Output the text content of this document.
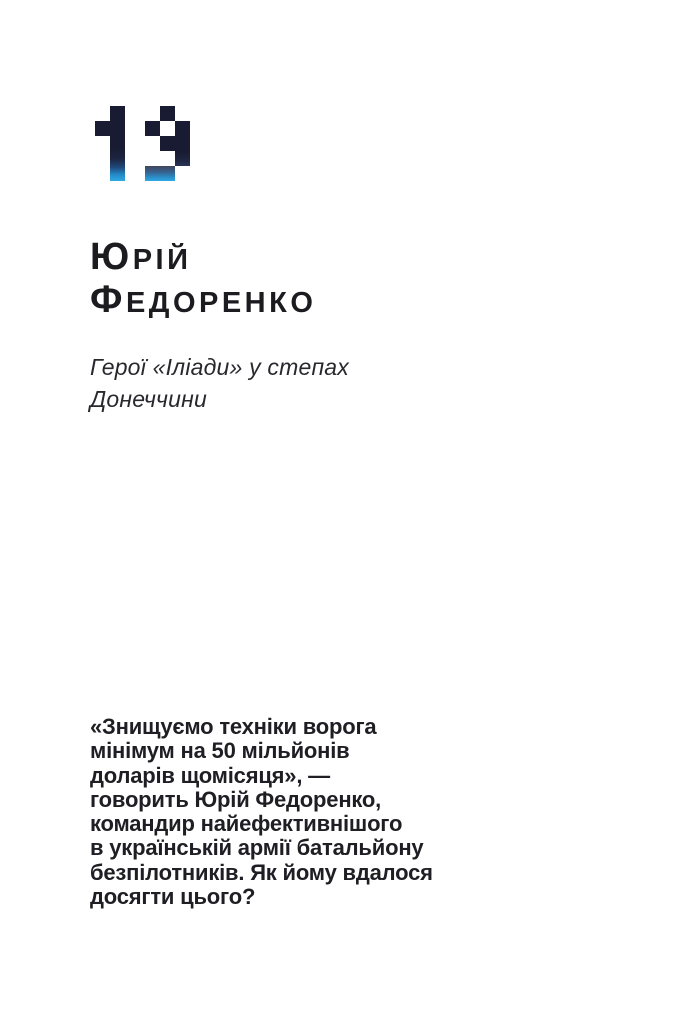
ЮРІЙ
ФЕДОРЕНКО
Герої «Іліади» у степах
Донеччини
«Знищуємо техніки ворога
мінімум на 50 мільйонів
доларів щомісяця», —
говорить Юрій Федоренко,
командир найефективнішого
в українській армії батальйону
безпілотників. Як йому вдалося
досягти цього?
